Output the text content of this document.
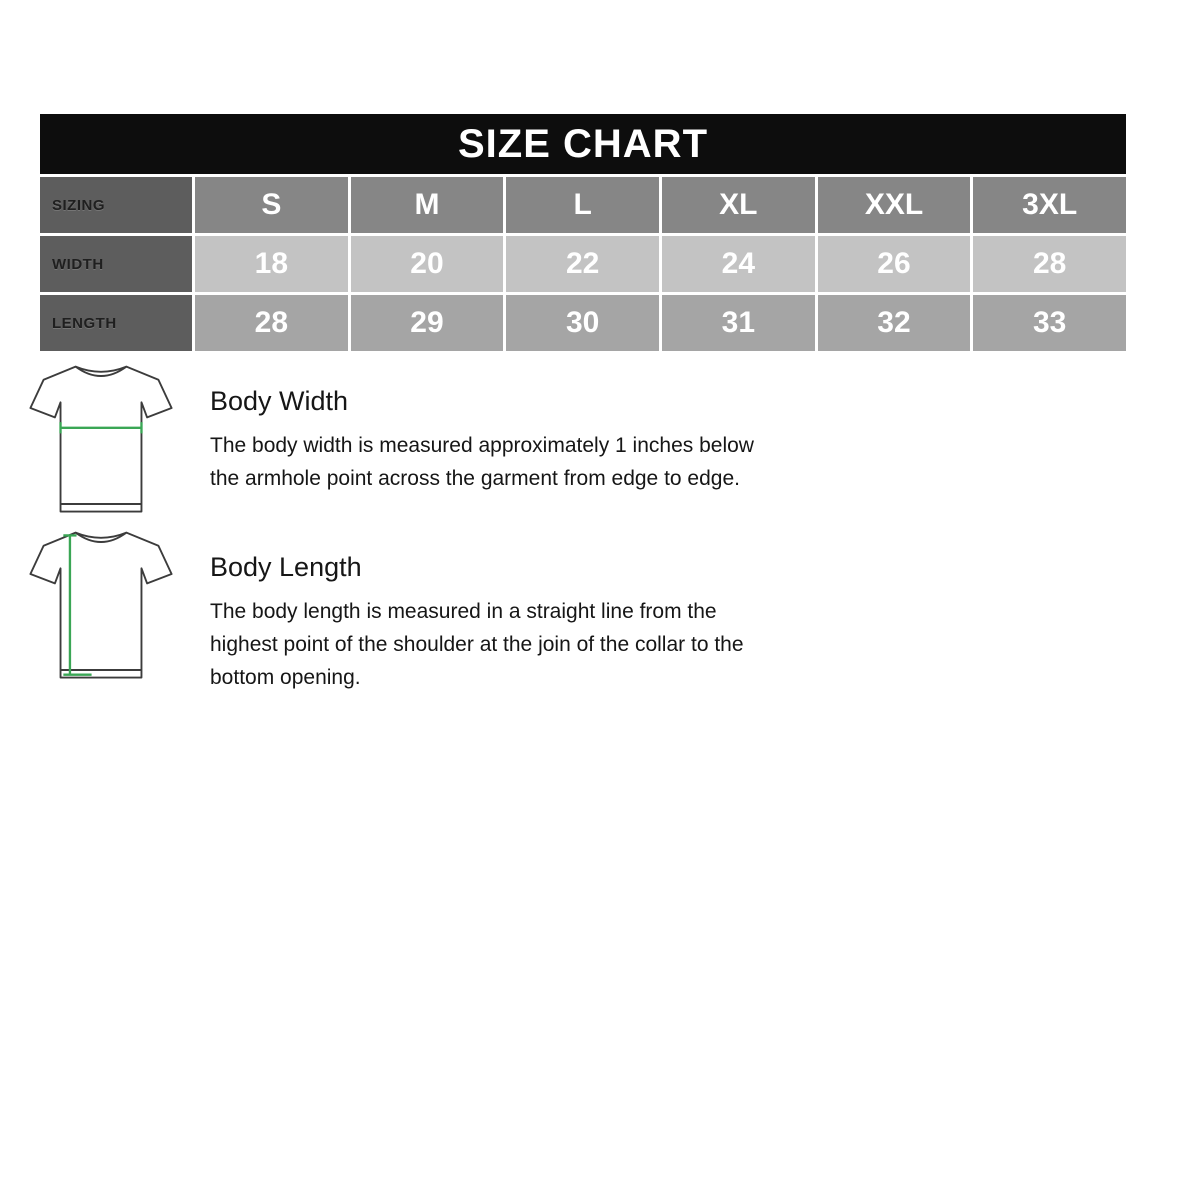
SIZE CHART
SIZING	S	M	L	XL	XXL	3XL
WIDTH	18	20	22	24	26	28
LENGTH	28	29	30	31	32	33
Body Width
The body width is measured approximately 1 inches below the armhole point across the garment from edge to edge.
Body Length
The body length is measured in a straight line from the highest point of the shoulder at the join of the collar to the bottom opening.
